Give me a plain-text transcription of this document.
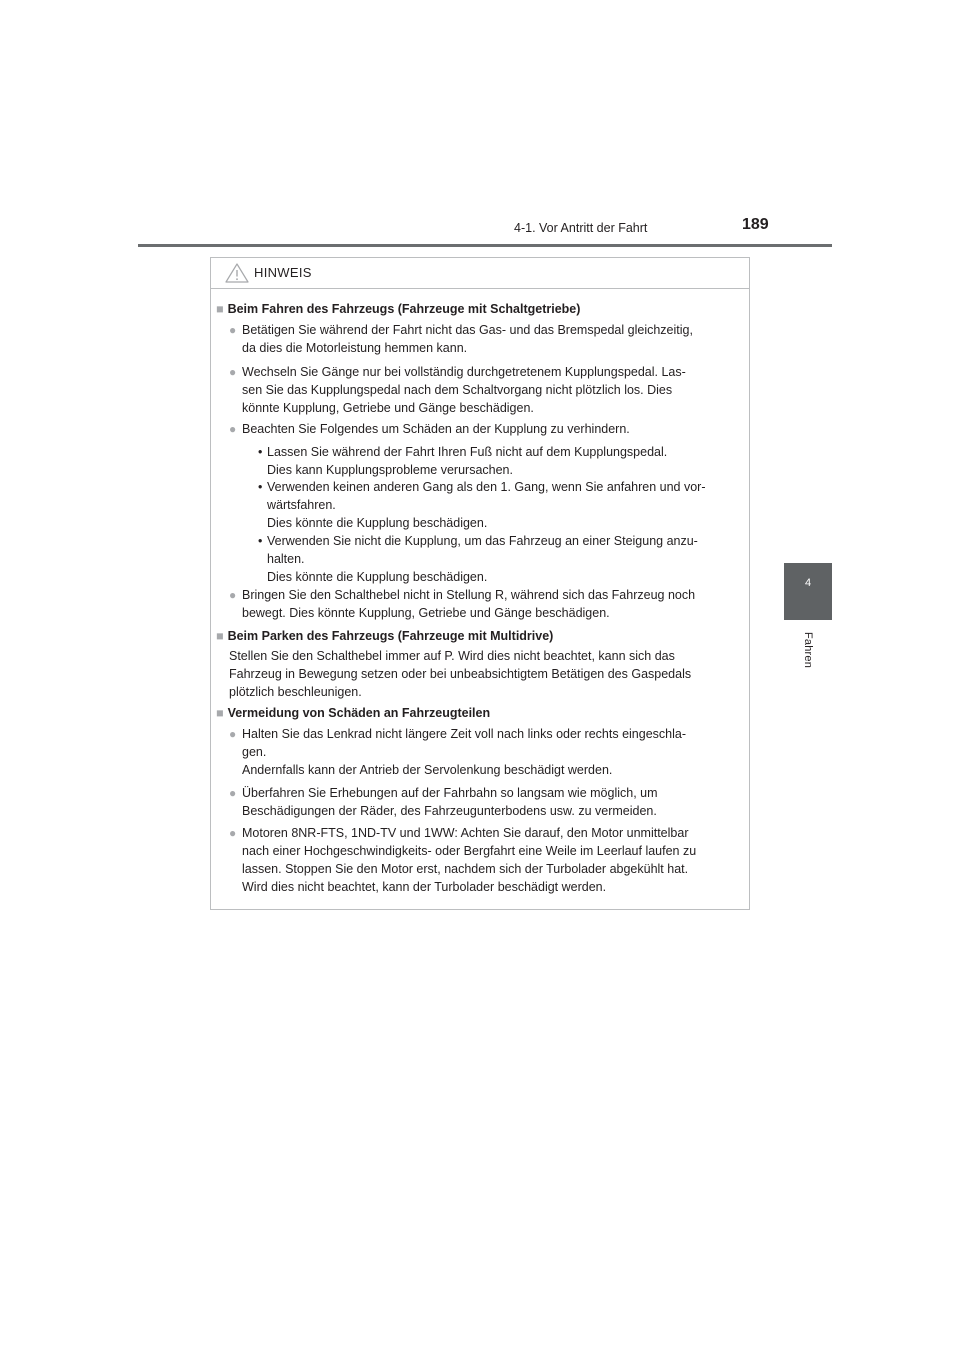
4-1. Vor Antritt der Fahrt	189
4
Fahren
HINWEIS
■ Beim Fahren des Fahrzeugs (Fahrzeuge mit Schaltgetriebe)
● Betätigen Sie während der Fahrt nicht das Gas- und das Bremspedal gleichzeitig,
da dies die Motorleistung hemmen kann.
● Wechseln Sie Gänge nur bei vollständig durchgetretenem Kupplungspedal. Las-
sen Sie das Kupplungspedal nach dem Schaltvorgang nicht plötzlich los. Dies
könnte Kupplung, Getriebe und Gänge beschädigen.
● Beachten Sie Folgendes um Schäden an der Kupplung zu verhindern.
• Lassen Sie während der Fahrt Ihren Fuß nicht auf dem Kupplungspedal.
Dies kann Kupplungsprobleme verursachen.
• Verwenden keinen anderen Gang als den 1. Gang, wenn Sie anfahren und vor-
wärtsfahren.
Dies könnte die Kupplung beschädigen.
• Verwenden Sie nicht die Kupplung, um das Fahrzeug an einer Steigung anzu-
halten.
Dies könnte die Kupplung beschädigen.
● Bringen Sie den Schalthebel nicht in Stellung R, während sich das Fahrzeug noch
bewegt. Dies könnte Kupplung, Getriebe und Gänge beschädigen.
■ Beim Parken des Fahrzeugs (Fahrzeuge mit Multidrive)
Stellen Sie den Schalthebel immer auf P. Wird dies nicht beachtet, kann sich das
Fahrzeug in Bewegung setzen oder bei unbeabsichtigtem Betätigen des Gaspedals
plötzlich beschleunigen.
■ Vermeidung von Schäden an Fahrzeugteilen
● Halten Sie das Lenkrad nicht längere Zeit voll nach links oder rechts eingeschla-
gen.
Andernfalls kann der Antrieb der Servolenkung beschädigt werden.
● Überfahren Sie Erhebungen auf der Fahrbahn so langsam wie möglich, um
Beschädigungen der Räder, des Fahrzeugunterbodens usw. zu vermeiden.
● Motoren 8NR-FTS, 1ND-TV und 1WW: Achten Sie darauf, den Motor unmittelbar
nach einer Hochgeschwindigkeits- oder Bergfahrt eine Weile im Leerlauf laufen zu
lassen. Stoppen Sie den Motor erst, nachdem sich der Turbolader abgekühlt hat.
Wird dies nicht beachtet, kann der Turbolader beschädigt werden.
